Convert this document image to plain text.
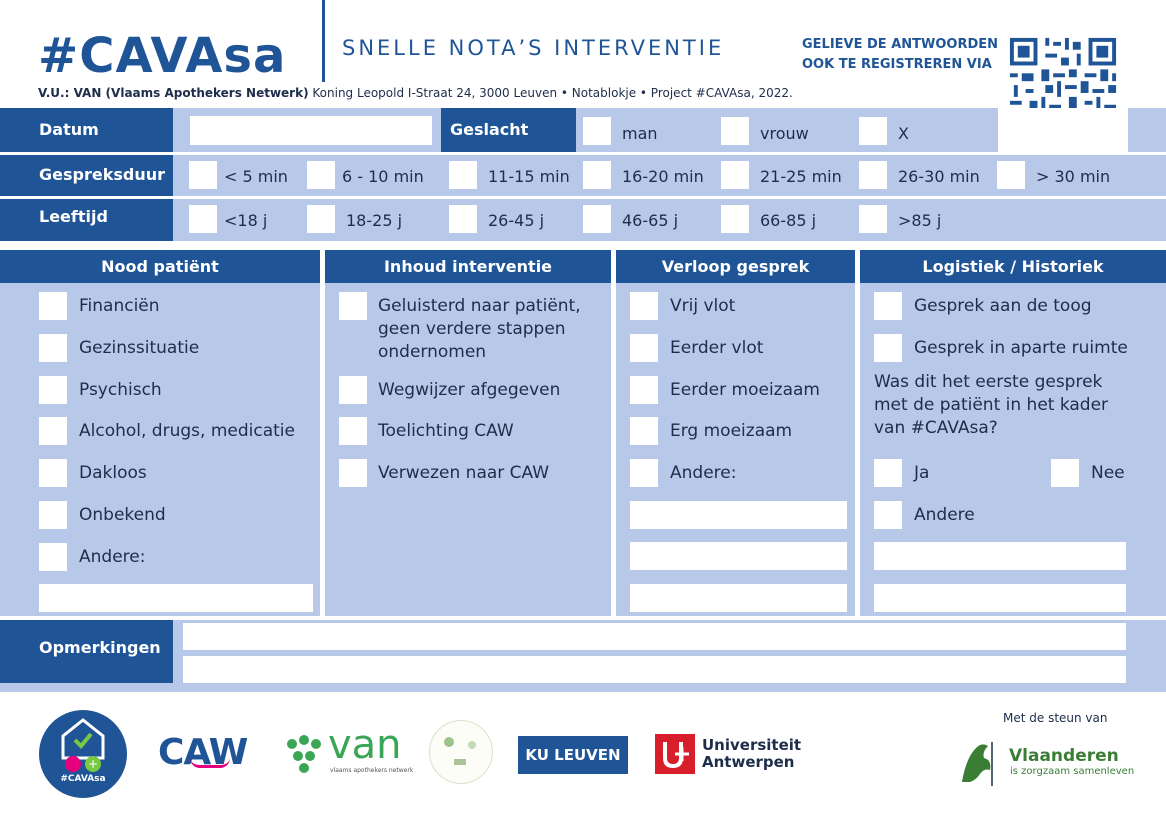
#CAVAsa	SNELLE NOTA’S INTERVENTIE	GELIEVE DE ANTWOORDEN
OOK TE REGISTREREN VIA
V.U.: VAN (Vlaams Apothekers Netwerk) Koning Leopold I-Straat 24, 3000 Leuven • Notablokje • Project #CAVAsa, 2022.
Datum	Geslacht	man	vrouw	X
Gespreksduur	< 5 min	6 - 10 min	11-15 min	16-20 min	21-25 min	26-30 min	> 30 min
Leeftijd	<18 j	18-25 j	26-45 j	46-65 j	66-85 j	>85 j
Nood patiënt	Inhoud interventie	Verloop gesprek	Logistiek / Historiek
Financiën
Gezinssituatie
Psychisch
Alcohol, drugs, medicatie
Dakloos
Onbekend
Andere:
Geluisterd naar patiënt, geen verdere stappen ondernomen
Wegwijzer afgegeven
Toelichting CAW
Verwezen naar CAW
Vrij vlot
Eerder vlot
Eerder moeizaam
Erg moeizaam
Andere:
Gesprek aan de toog
Gesprek in aparte ruimte
Was dit het eerste gesprek met de patiënt in het kader van #CAVAsa?
Ja	Nee
Andere
Opmerkingen
+
#CAVAsa
CAW van
vlaams apothekers netwerk
KU LEUVEN
Universiteit
Antwerpen
Met de steun van
Vlaanderen
is zorgzaam samenleven
